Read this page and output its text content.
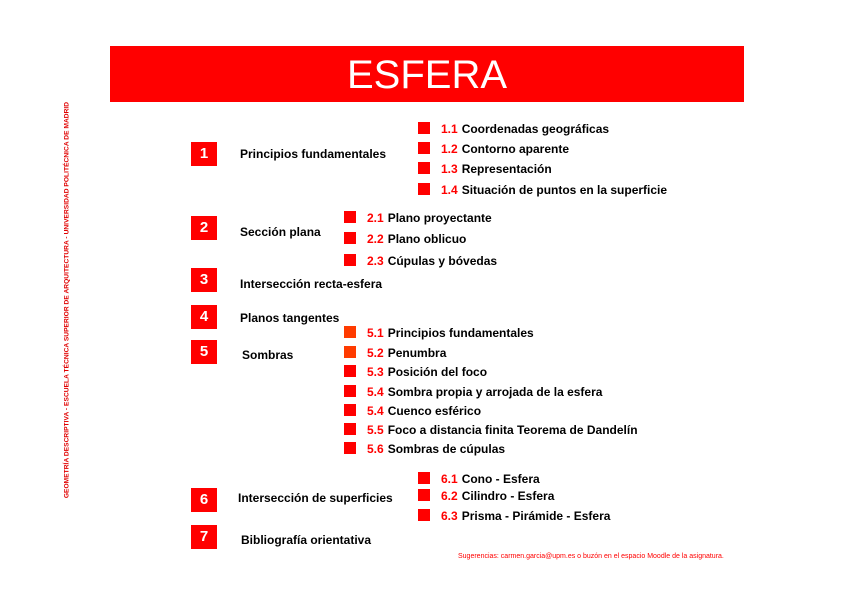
GEOMETRÍA DESCRIPTIVA - ESCUELA TÉCNICA SUPERIOR DE ARQUITECTURA - UNIVERSIDAD POLITÉCNICA DE MADRID
ESFERA
1	Principios fundamentales
1.1 Coordenadas geográficas
1.2 Contorno aparente
1.3 Representación
1.4 Situación de puntos en la superficie
2	Sección plana
2.1 Plano proyectante
2.2 Plano oblicuo
2.3 Cúpulas y bóvedas
3	Intersección recta-esfera
4	Planos tangentes
5	Sombras
5.1 Principios fundamentales
5.2 Penumbra
5.3 Posición del foco
5.4 Sombra propia y arrojada de la esfera
5.4 Cuenco esférico
5.5 Foco a distancia finita Teorema de Dandelín
5.6 Sombras de cúpulas
6	Intersección de superficies
6.1 Cono - Esfera
6.2 Cilindro - Esfera
6.3 Prisma - Pirámide - Esfera
7	Bibliografía orientativa
Sugerencias: carmen.garcia@upm.es o buzón en el espacio Moodle de la asignatura.
